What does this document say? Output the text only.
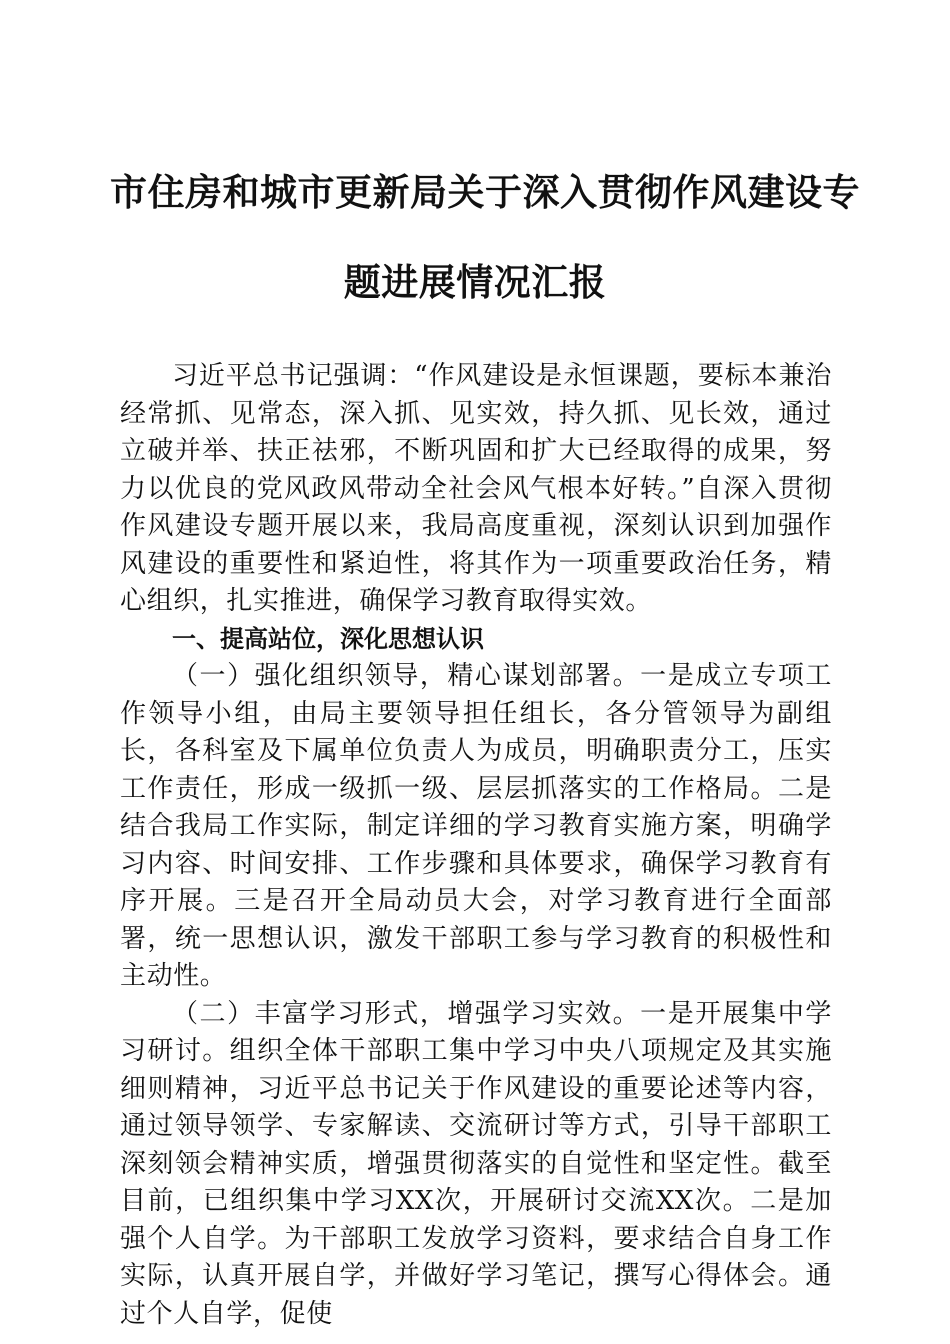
市住房和城市更新局关于深入贯彻作风建设专
题进展情况汇报

习近平总书记强调：“作风建设是永恒课题，要标本兼治经常抓、见常态，深入抓、见实效，持久抓、见长效，通过立破并举、扶正祛邪，不断巩固和扩大已经取得的成果，努力以优良的党风政风带动全社会风气根本好转。”自深入贯彻作风建设专题开展以来，我局高度重视，深刻认识到加强作风建设的重要性和紧迫性，将其作为一项重要政治任务，精心组织，扎实推进，确保学习教育取得实效。

一、提高站位，深化思想认识

（一）强化组织领导，精心谋划部署。一是成立专项工作领导小组，由局主要领导担任组长，各分管领导为副组长，各科室及下属单位负责人为成员，明确职责分工，压实工作责任，形成一级抓一级、层层抓落实的工作格局。二是结合我局工作实际，制定详细的学习教育实施方案，明确学习内容、时间安排、工作步骤和具体要求，确保学习教育有序开展。三是召开全局动员大会，对学习教育进行全面部署，统一思想认识，激发干部职工参与学习教育的积极性和主动性。

（二）丰富学习形式，增强学习实效。一是开展集中学习研讨。组织全体干部职工集中学习中央八项规定及其实施细则精神，习近平总书记关于作风建设的重要论述等内容，通过领导领学、专家解读、交流研讨等方式，引导干部职工深刻领会精神实质，增强贯彻落实的自觉性和坚定性。截至目前，已组织集中学习XX次，开展研讨交流XX次。二是加强个人自学。为干部职工发放学习资料，要求结合自身工作实际，认真开展自学，并做好学习笔记，撰写心得体会。通过个人自学，促使
